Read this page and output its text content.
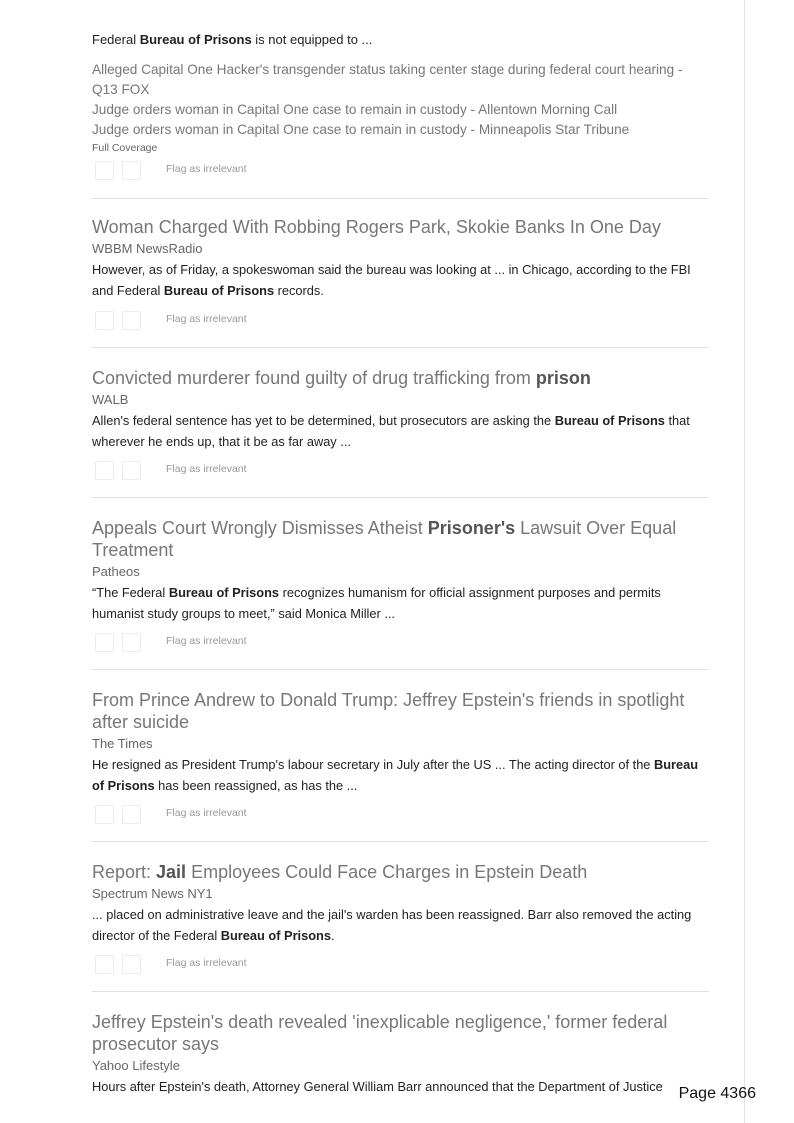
Federal Bureau of Prisons is not equipped to ...
Alleged Capital One Hacker's transgender status taking center stage during federal court hearing - Q13 FOX
Judge orders woman in Capital One case to remain in custody - Allentown Morning Call
Judge orders woman in Capital One case to remain in custody - Minneapolis Star Tribune
Full Coverage
Flag as irrelevant
Woman Charged With Robbing Rogers Park, Skokie Banks In One Day
WBBM NewsRadio

However, as of Friday, a spokeswoman said the bureau was looking at ... in Chicago, according to the FBI and Federal Bureau of Prisons records.

Flag as irrelevant
Convicted murderer found guilty of drug trafficking from prison
WALB

Allen's federal sentence has yet to be determined, but prosecutors are asking the Bureau of Prisons that wherever he ends up, that it be as far away ...

Flag as irrelevant
Appeals Court Wrongly Dismisses Atheist Prisoner's Lawsuit Over Equal Treatment
Patheos

“The Federal Bureau of Prisons recognizes humanism for official assignment purposes and permits humanist study groups to meet,” said Monica Miller ...

Flag as irrelevant
From Prince Andrew to Donald Trump: Jeffrey Epstein's friends in spotlight after suicide
The Times

He resigned as President Trump's labour secretary in July after the US ... The acting director of the Bureau of Prisons has been reassigned, as has the ...

Flag as irrelevant
Report: Jail Employees Could Face Charges in Epstein Death
Spectrum News NY1

... placed on administrative leave and the jail's warden has been reassigned. Barr also removed the acting director of the Federal Bureau of Prisons.

Flag as irrelevant
Jeffrey Epstein's death revealed 'inexplicable negligence,' former federal prosecutor says
Yahoo Lifestyle

Hours after Epstein's death, Attorney General William Barr announced that the Department of Justice Page 4366
